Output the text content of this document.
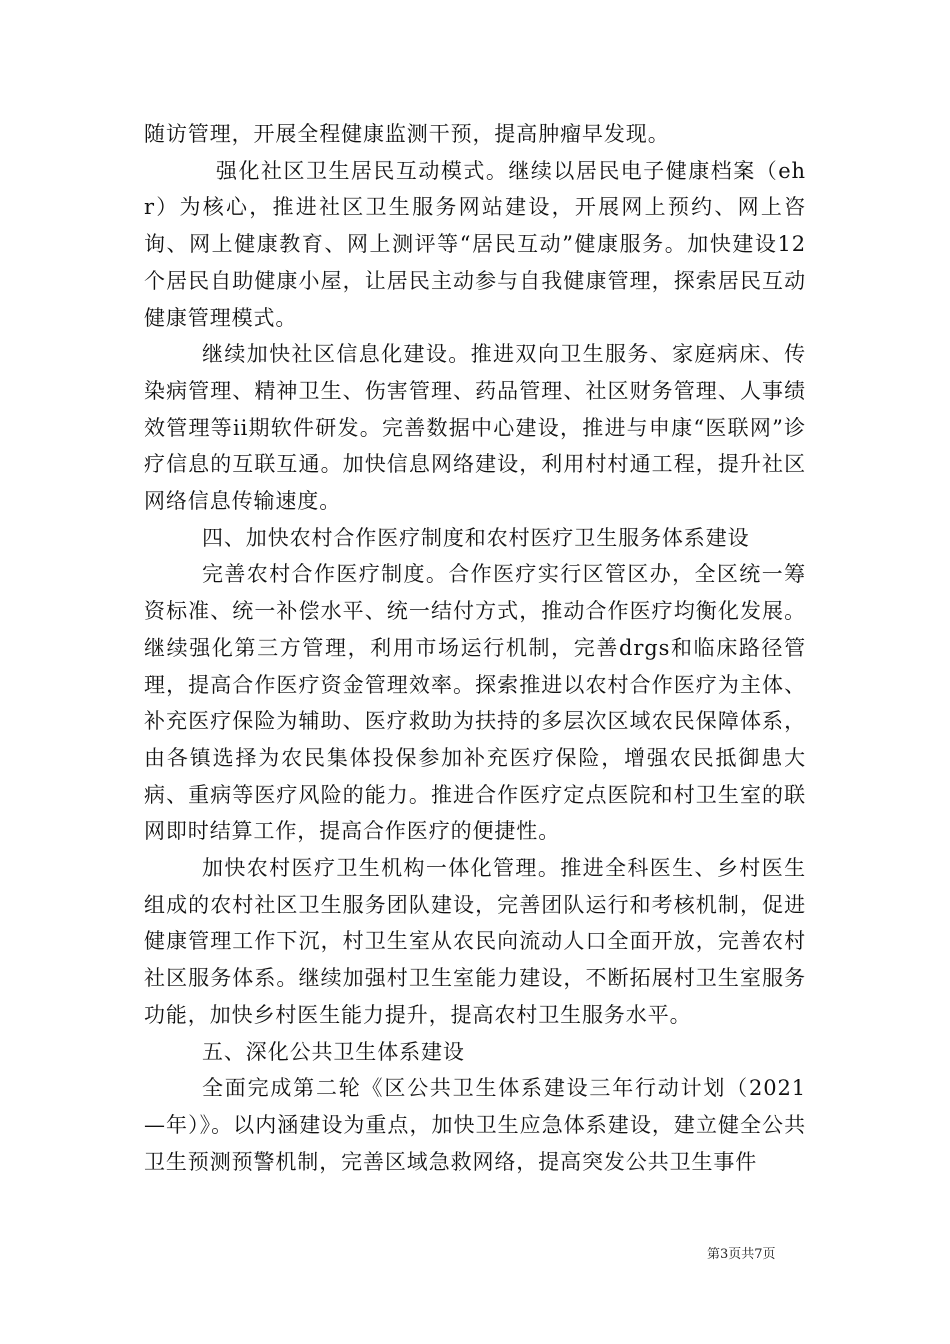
随访管理，开展全程健康监测干预，提高肿瘤早发现。

强化社区卫生居民互动模式。继续以居民电子健康档案（ehr）为核心，推进社区卫生服务网站建设，开展网上预约、网上咨询、网上健康教育、网上测评等“居民互动”健康服务。加快建设12个居民自助健康小屋，让居民主动参与自我健康管理，探索居民互动健康管理模式。

继续加快社区信息化建设。推进双向卫生服务、家庭病床、传染病管理、精神卫生、伤害管理、药品管理、社区财务管理、人事绩效管理等ii期软件研发。完善数据中心建设，推进与申康“医联网”诊疗信息的互联互通。加快信息网络建设，利用村村通工程，提升社区网络信息传输速度。

四、加快农村合作医疗制度和农村医疗卫生服务体系建设

完善农村合作医疗制度。合作医疗实行区管区办，全区统一筹资标准、统一补偿水平、统一结付方式，推动合作医疗均衡化发展。继续强化第三方管理，利用市场运行机制，完善drgs和临床路径管理，提高合作医疗资金管理效率。探索推进以农村合作医疗为主体、补充医疗保险为辅助、医疗救助为扶持的多层次区域农民保障体系，由各镇选择为农民集体投保参加补充医疗保险，增强农民抵御患大病、重病等医疗风险的能力。推进合作医疗定点医院和村卫生室的联网即时结算工作，提高合作医疗的便捷性。

加快农村医疗卫生机构一体化管理。推进全科医生、乡村医生组成的农村社区卫生服务团队建设，完善团队运行和考核机制，促进健康管理工作下沉，村卫生室从农民向流动人口全面开放，完善农村社区服务体系。继续加强村卫生室能力建设，不断拓展村卫生室服务功能，加快乡村医生能力提升，提高农村卫生服务水平。

五、深化公共卫生体系建设

全面完成第二轮《区公共卫生体系建设三年行动计划（2021—年）》。以内涵建设为重点，加快卫生应急体系建设，建立健全公共卫生预测预警机制，完善区域急救网络，提高突发公共卫生事件

第3页共7页
